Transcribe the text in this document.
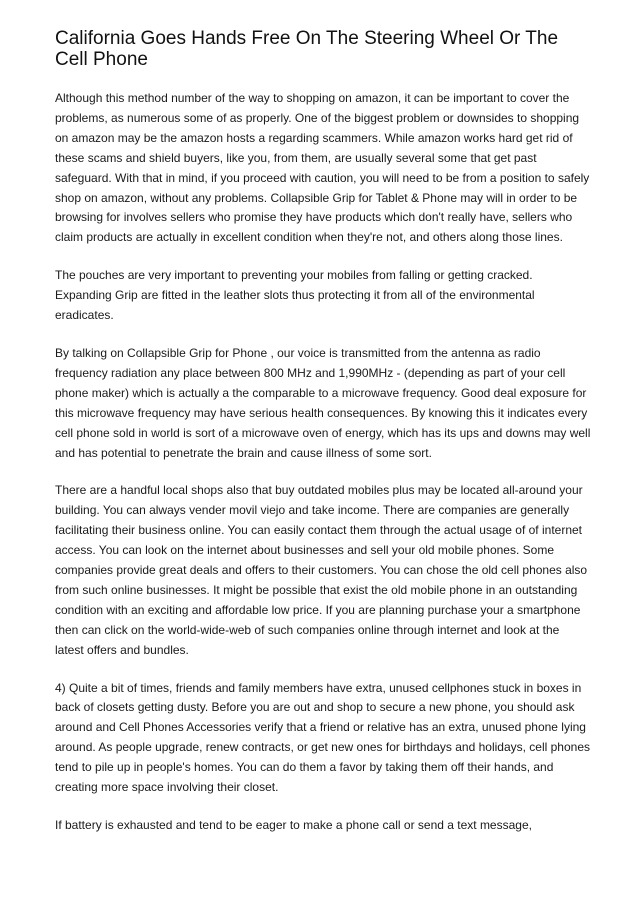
California Goes Hands Free On The Steering Wheel Or The Cell Phone

Although this method number of the way to shopping on amazon, it can be important to cover the problems, as numerous some of as properly. One of the biggest problem or downsides to shopping on amazon may be the amazon hosts a regarding scammers. While amazon works hard get rid of these scams and shield buyers, like you, from them, are usually several some that get past safeguard. With that in mind, if you proceed with caution, you will need to be from a position to safely shop on amazon, without any problems. Collapsible Grip for Tablet & Phone may will in order to be browsing for involves sellers who promise they have products which don't really have, sellers who claim products are actually in excellent condition when they're not, and others along those lines.

The pouches are very important to preventing your mobiles from falling or getting cracked. Expanding Grip are fitted in the leather slots thus protecting it from all of the environmental eradicates.

By talking on Collapsible Grip for Phone , our voice is transmitted from the antenna as radio frequency radiation any place between 800 MHz and 1,990MHz - (depending as part of your cell phone maker) which is actually a the comparable to a microwave frequency. Good deal exposure for this microwave frequency may have serious health consequences. By knowing this it indicates every cell phone sold in world is sort of a microwave oven of energy, which has its ups and downs may well and has potential to penetrate the brain and cause illness of some sort.

There are a handful local shops also that buy outdated mobiles plus may be located all-around your building. You can always vender movil viejo and take income. There are companies are generally facilitating their business online. You can easily contact them through the actual usage of of internet access. You can look on the internet about businesses and sell your old mobile phones. Some companies provide great deals and offers to their customers. You can chose the old cell phones also from such online businesses. It might be possible that exist the old mobile phone in an outstanding condition with an exciting and affordable low price. If you are planning purchase your a smartphone then can click on the world-wide-web of such companies online through internet and look at the latest offers and bundles.

4) Quite a bit of times, friends and family members have extra, unused cellphones stuck in boxes in back of closets getting dusty. Before you are out and shop to secure a new phone, you should ask around and Cell Phones Accessories verify that a friend or relative has an extra, unused phone lying around. As people upgrade, renew contracts, or get new ones for birthdays and holidays, cell phones tend to pile up in people's homes. You can do them a favor by taking them off their hands, and creating more space involving their closet.

If battery is exhausted and tend to be eager to make a phone call or send a text message,
